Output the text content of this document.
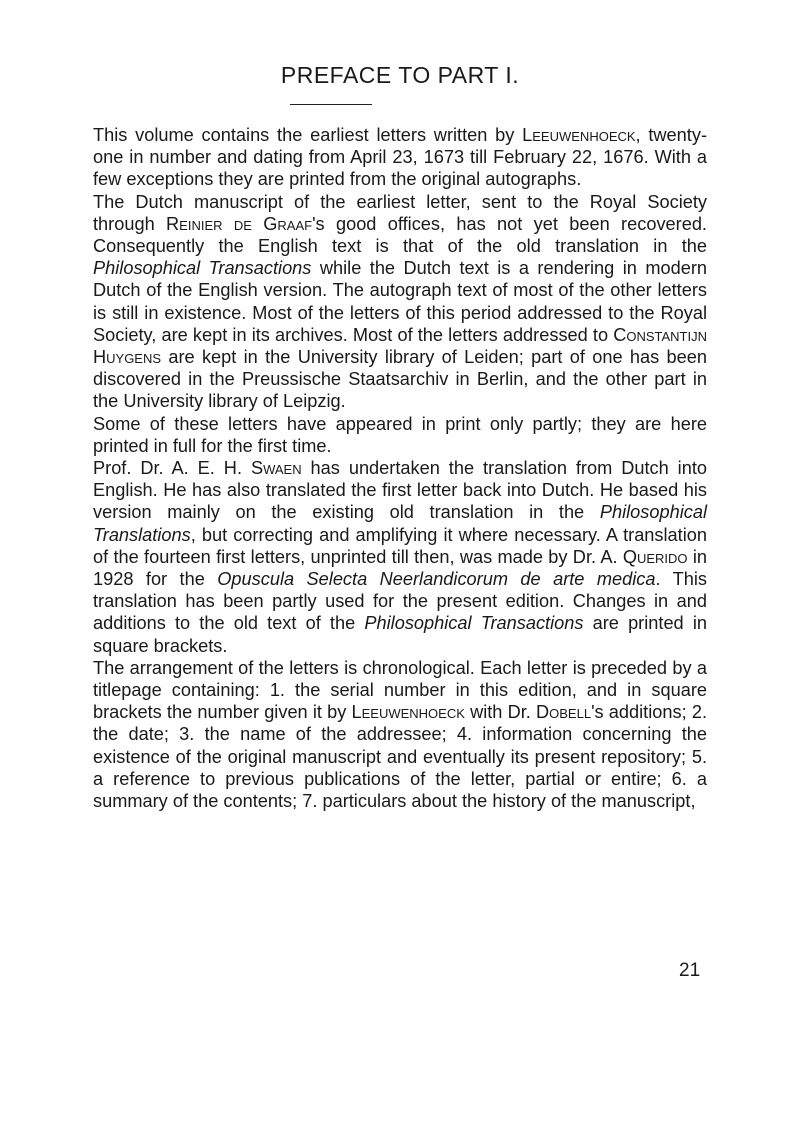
PREFACE TO PART I.

This volume contains the earliest letters written by Leeuwenhoeck, twenty-one in number and dating from April 23, 1673 till February 22, 1676. With a few exceptions they are printed from the original autographs.

The Dutch manuscript of the earliest letter, sent to the Royal Society through Reinier de Graaf's good offices, has not yet been recovered. Consequently the English text is that of the old translation in the Philosophical Transactions while the Dutch text is a rendering in modern Dutch of the English version. The autograph text of most of the other letters is still in existence. Most of the letters of this period addressed to the Royal Society, are kept in its archives. Most of the letters addressed to Constantijn Huygens are kept in the University library of Leiden; part of one has been discovered in the Preussische Staatsarchiv in Berlin, and the other part in the University library of Leipzig.

Some of these letters have appeared in print only partly; they are here printed in full for the first time.

Prof. Dr. A. E. H. Swaen has undertaken the translation from Dutch into English. He has also translated the first letter back into Dutch. He based his version mainly on the existing old translation in the Philosophical Translations, but correcting and amplifying it where necessary. A translation of the fourteen first letters, unprinted till then, was made by Dr. A. Querido in 1928 for the Opuscula Selecta Neerlandicorum de arte medica. This translation has been partly used for the present edition. Changes in and additions to the old text of the Philosophical Transactions are printed in square brackets.

The arrangement of the letters is chronological. Each letter is preceded by a titlepage containing: 1. the serial number in this edition, and in square brackets the number given it by Leeuwenhoeck with Dr. Dobell's additions; 2. the date; 3. the name of the addressee; 4. information concerning the existence of the original manuscript and eventually its present repository; 5. a reference to previous publications of the letter, partial or entire; 6. a summary of the contents; 7. particulars about the history of the manuscript,

21
